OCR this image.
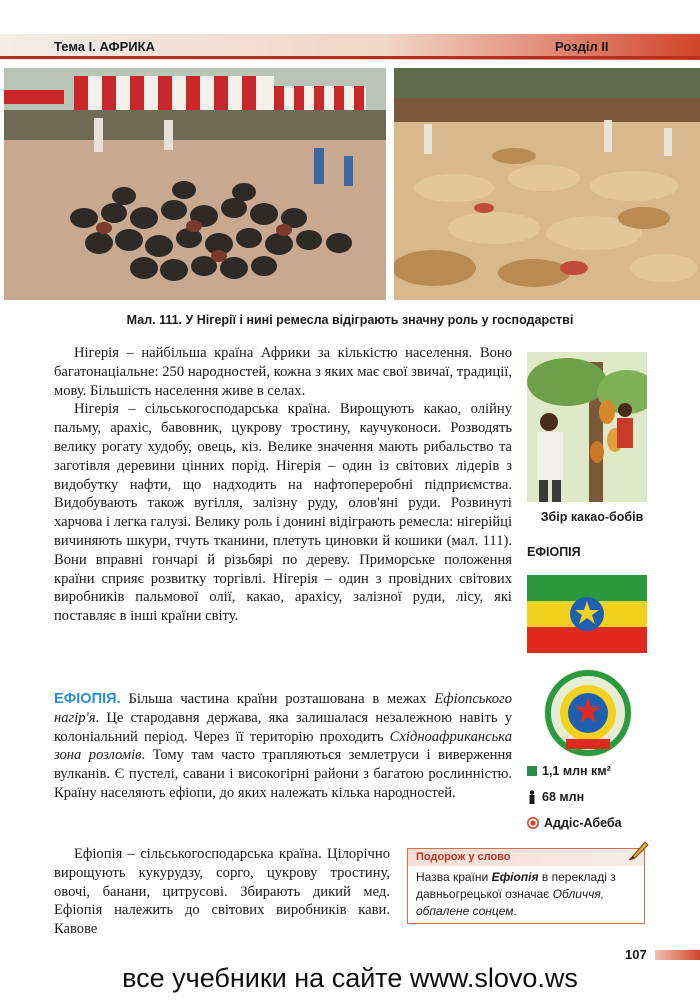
Тема I. АФРИКА	Розділ ІІ
Мал. 111. У Нігерії і нині ремесла відіграють значну роль у господарстві

Нігерія – найбільша країна Африки за кількістю населення. Воно багатонаціальне: 250 народностей, кожна з яких має свої звичаї, традиції, мову. Більшість населення живе в селах.

Нігерія – сільськогосподарська країна. Вирощують какао, олійну пальму, арахіс, бавовник, цукрову тростину, каучуконоси. Розводять велику рогату худобу, овець, кіз. Велике значення мають рибальство та заготівля деревини цінних порід. Нігерія – один із світових лідерів з видобутку нафти, що надходить на нафтопереробні підприємства. Видобувають також вугілля, залізну руду, олов'яні руди. Розвинуті харчова і легка галузі. Велику роль і донині відіграють ремесла: нігерійці вичиняють шкури, тчуть тканини, плетуть циновки й кошики (мал. 111). Вони вправні гончарі й різьбярі по дереву. Приморське положення країни сприяє розвитку торгівлі. Нігерія – один з провідних світових виробників пальмової олії, какао, арахісу, залізної руди, лісу, які поставляє в інші країни світу.

ЕФІОПІЯ. Більша частина країни розташована в межах Ефіопського нагір'я. Це стародавня держава, яка залишалася незалежною навіть у колоніальний період. Через її територію проходить Східноафриканська зона розломів. Тому там часто трапляються землетруси і виверження вулканів. Є пустелі, савани і високогірні райони з багатою рослинністю. Країну населяють ефіопи, до яких належать кілька народностей.

Ефіопія – сільськогосподарська країна. Цілорічно вирощують кукурудзу, сорго, цукрову тростину, овочі, банани, цитрусові. Збирають дикий мед. Ефіопія належить до світових виробників кави. Кавове

Збір какао-бобів
ЕФІОПІЯ
1,1 млн км²
68 млн
Аддіс-Абеба
Подорож у слово
Назва країни Ефіопія в перекладі з давньогрецької означає Обличчя, обпалене сонцем.
107
все учебники на сайте www.slovo.ws
